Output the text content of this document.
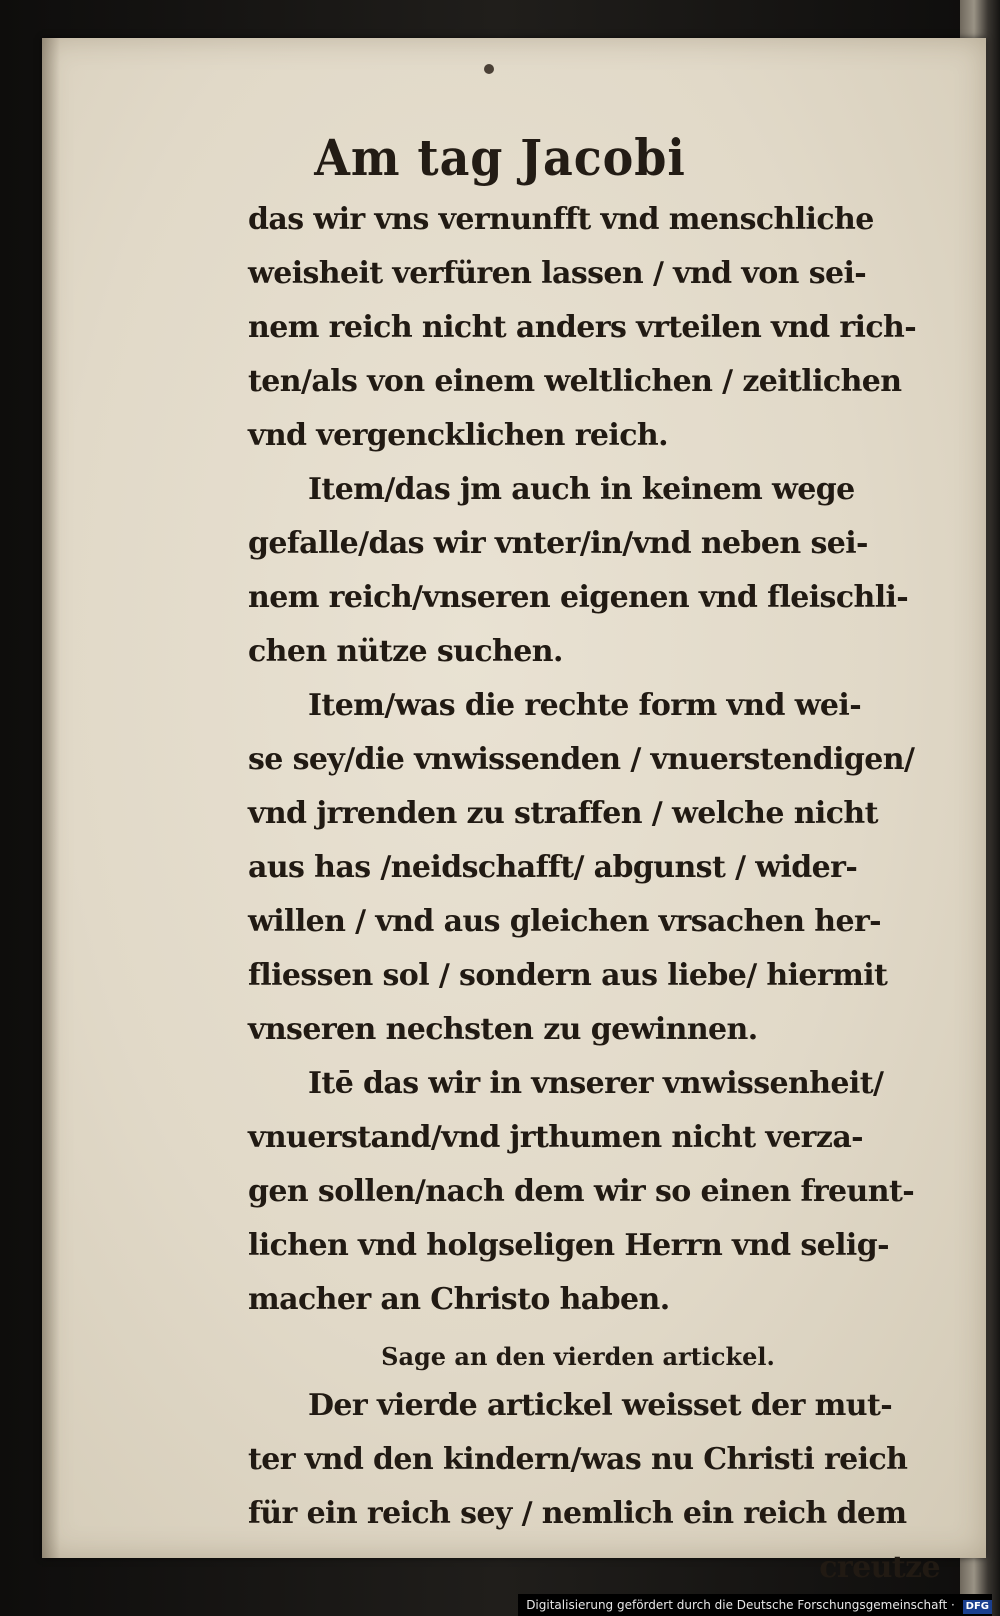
Am tag Jacobi
das wir vns vernunfft vnd menschliche
weisheit verfüren lassen / vnd von sei-
nem reich nicht anders vrteilen vnd rich-
ten/als von einem weltlichen / zeitlichen
vnd vergencklichen reich.
Item/das jm auch in keinem wege
gefalle/das wir vnter/in/vnd neben sei-
nem reich/vnseren eigenen vnd fleischli-
chen nütze suchen.
Item/was die rechte form vnd wei-
se sey/die vnwissenden / vnuerstendigen/
vnd jrrenden zu straffen / welche nicht
aus has /neidschafft/ abgunst / wider-
willen / vnd aus gleichen vrsachen her-
fliessen sol / sondern aus liebe/ hiermit
vnseren nechsten zu gewinnen.
Itē das wir in vnserer vnwissenheit/
vnuerstand/vnd jrthumen nicht verza-
gen sollen/nach dem wir so einen freunt-
lichen vnd holgseligen Herrn vnd selig-
macher an Christo haben.
Sage an den vierden artickel.
Der vierde artickel weisset der mut-
ter vnd den kindern/was nu Christi reich
für ein reich sey / nemlich ein reich dem
creutze
Digitalisierung gefördert durch die Deutsche Forschungsgemeinschaft · DFG
